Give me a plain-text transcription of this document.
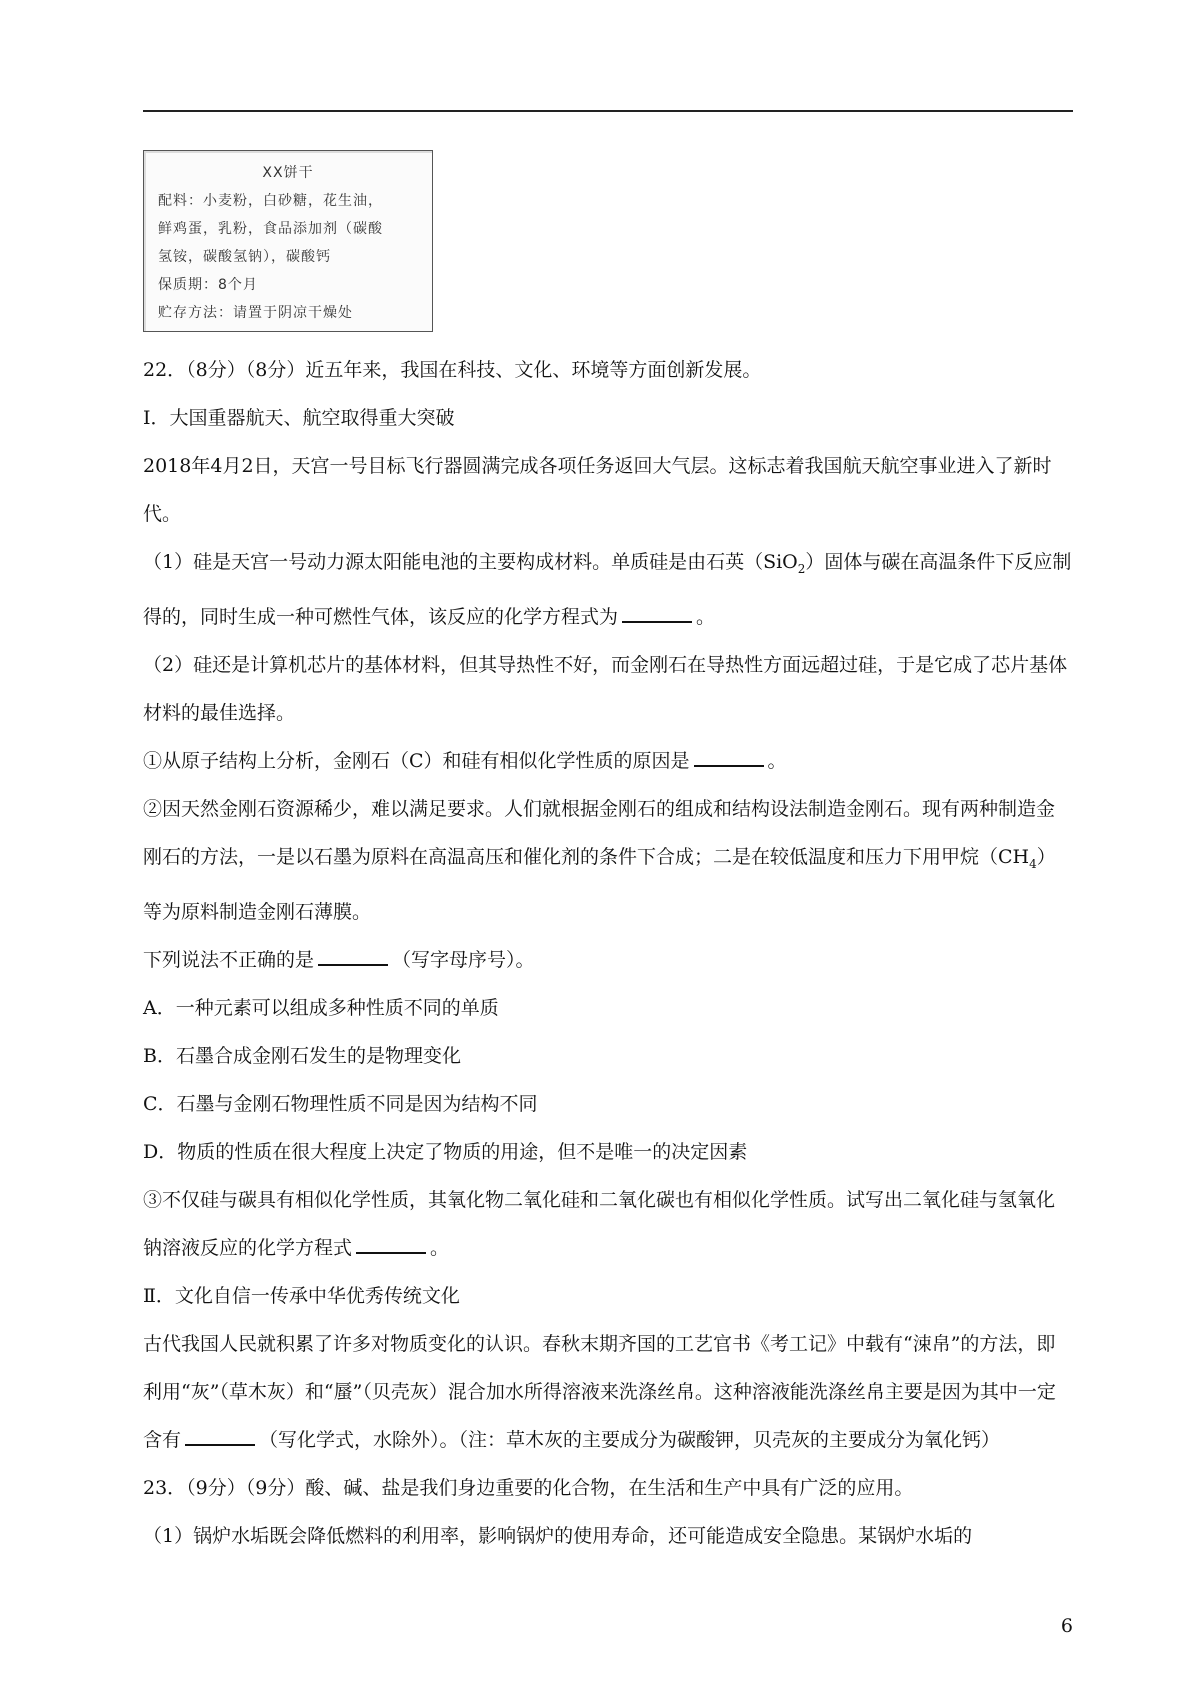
XX饼干
配料：小麦粉，白砂糖，花生油，
鲜鸡蛋，乳粉，食品添加剂（碳酸
氢铵，碳酸氢钠），碳酸钙
保质期：8个月
贮存方法：请置于阴凉干燥处

22．（8分）（8分）近五年来，我国在科技、文化、环境等方面创新发展。

Ⅰ．大国重器航天、航空取得重大突破

2018年4月2日，天宫一号目标飞行器圆满完成各项任务返回大气层。这标志着我国航天航空事业进入了新时代。

（1）硅是天宫一号动力源太阳能电池的主要构成材料。单质硅是由石英（SiO$_2$）固体与碳在高温条件下反应制得的，同时生成一种可燃性气体，该反应的化学方程式为	。

（2）硅还是计算机芯片的基体材料，但其导热性不好，而金刚石在导热性方面远超过硅，于是它成了芯片基体材料的最佳选择。

①从原子结构上分析，金刚石（C）和硅有相似化学性质的原因是	。

②因天然金刚石资源稀少，难以满足要求。人们就根据金刚石的组成和结构设法制造金刚石。现有两种制造金刚石的方法，一是以石墨为原料在高温高压和催化剂的条件下合成；二是在较低温度和压力下用甲烷$(CH_4)$等为原料制造金刚石薄膜。

下列说法不正确的是	（写字母序号）。

A．一种元素可以组成多种性质不同的单质

B．石墨合成金刚石发生的是物理变化

C．石墨与金刚石物理性质不同是因为结构不同

D．物质的性质在很大程度上决定了物质的用途，但不是唯一的决定因素

③不仅硅与碳具有相似化学性质，其氧化物二氧化硅和二氧化碳也有相似化学性质。试写出二氧化硅与氢氧化钠溶液反应的化学方程式	。

Ⅱ．文化自信一传承中华优秀传统文化

古代我国人民就积累了许多对物质变化的认识。春秋末期齐国的工艺官书《考工记》中载有“涑帛”的方法，即利用“灰”（草木灰）和“蜃”（贝壳灰）混合加水所得溶液来洗涤丝帛。这种溶液能洗涤丝帛主要是因为其中一定含有	（写化学式，水除外）。（注：草木灰的主要成分为碳酸钾，贝壳灰的主要成分为氧化钙）

23．（9分）（9分）酸、碱、盐是我们身边重要的化合物，在生活和生产中具有广泛的应用。

（1）锅炉水垢既会降低燃料的利用率，影响锅炉的使用寿命，还可能造成安全隐患。某锅炉水垢的

6
